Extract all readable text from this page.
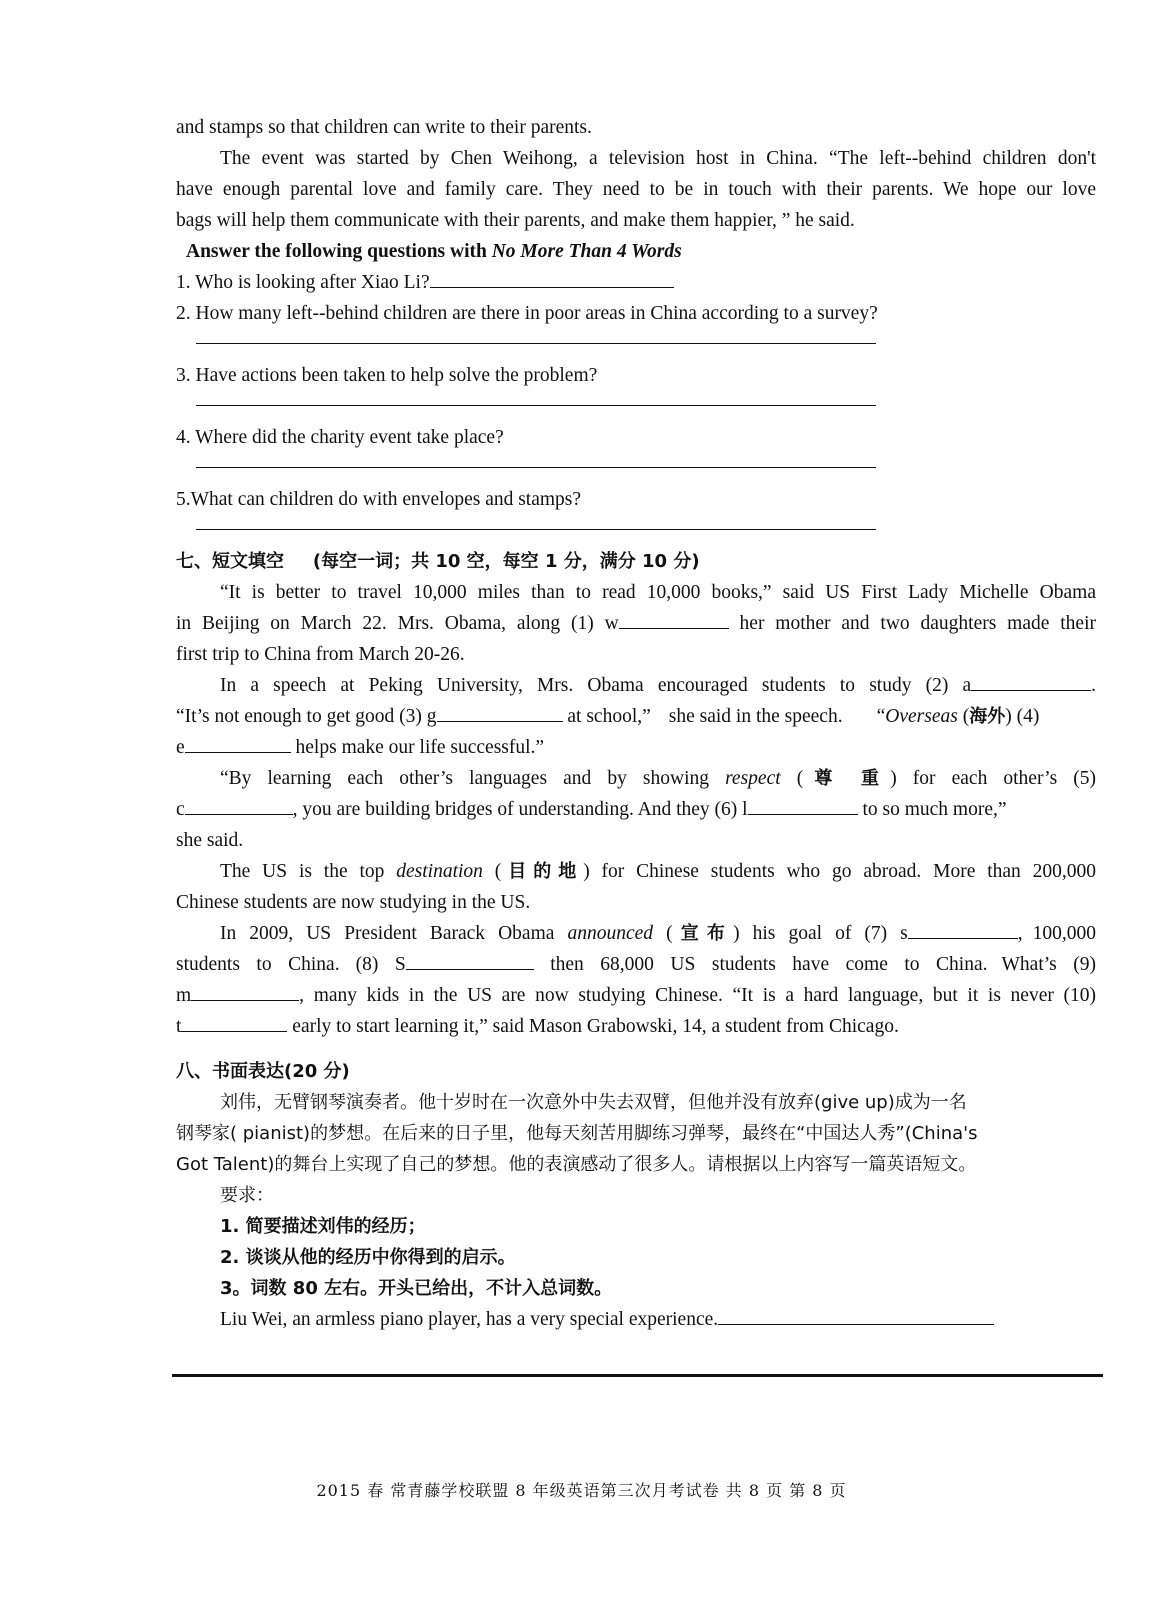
and stamps so that children can write to their parents.
The event was started by Chen Weihong, a television host in China. “The left--behind children don't
have enough parental love and family care. They need to be in touch with their parents. We hope our love
bags will help them communicate with their parents, and make them happier, ” he said.
Answer the following questions with No More Than 4 Words
1. Who is looking after Xiao Li?
2. How many left--behind children are there in poor areas in China according to a survey?
3. Have actions been taken to help solve the problem?
4. Where did the charity event take place?
5.What can children do with envelopes and stamps?
七、短文填空 (每空一词；共 10 空，每空 1 分，满分 10 分)
“It is better to travel 10,000 miles than to read 10,000 books,” said US First Lady Michelle Obama
in Beijing on March 22. Mrs. Obama, along (1) w	her mother and two daughters made their
first trip to China from March 20-26.
In a speech at Peking University, Mrs. Obama encouraged students to study (2) a	.
“It’s not enough to get good (3) g	at school,” she said in the speech. “Overseas (海外) (4)
e	helps make our life successful.”
“By learning each other’s languages and by showing respect (尊 重) for each other’s (5)
c	, you are building bridges of understanding. And they (6) l	to so much more,”
she said.
The US is the top destination (目的地) for Chinese students who go abroad. More than 200,000
Chinese students are now studying in the US.
In 2009, US President Barack Obama announced (宣布) his goal of (7) s	, 100,000
students to China. (8) S	then 68,000 US students have come to China. What’s (9)
m	, many kids in the US are now studying Chinese. “It is a hard language, but it is never (10)
t	early to start learning it,” said Mason Grabowski, 14, a student from Chicago.
八、书面表达(20 分)
刘伟，无臂钢琴演奏者。他十岁时在一次意外中失去双臂，但他并没有放弃(give up)成为一名
钢琴家( pianist)的梦想。在后来的日子里，他每天刻苦用脚练习弹琴，最终在“中国达人秀”(China's
Got Talent)的舞台上实现了自己的梦想。他的表演感动了很多人。请根据以上内容写一篇英语短文。
要求：
1. 简要描述刘伟的经历；
2. 谈谈从他的经历中你得到的启示。
3。词数 80 左右。开头已给出，不计入总词数。
Liu Wei, an armless piano player, has a very special experience.
2015 春 常青藤学校联盟 8 年级英语第三次月考试卷 共 8 页 第 8 页
